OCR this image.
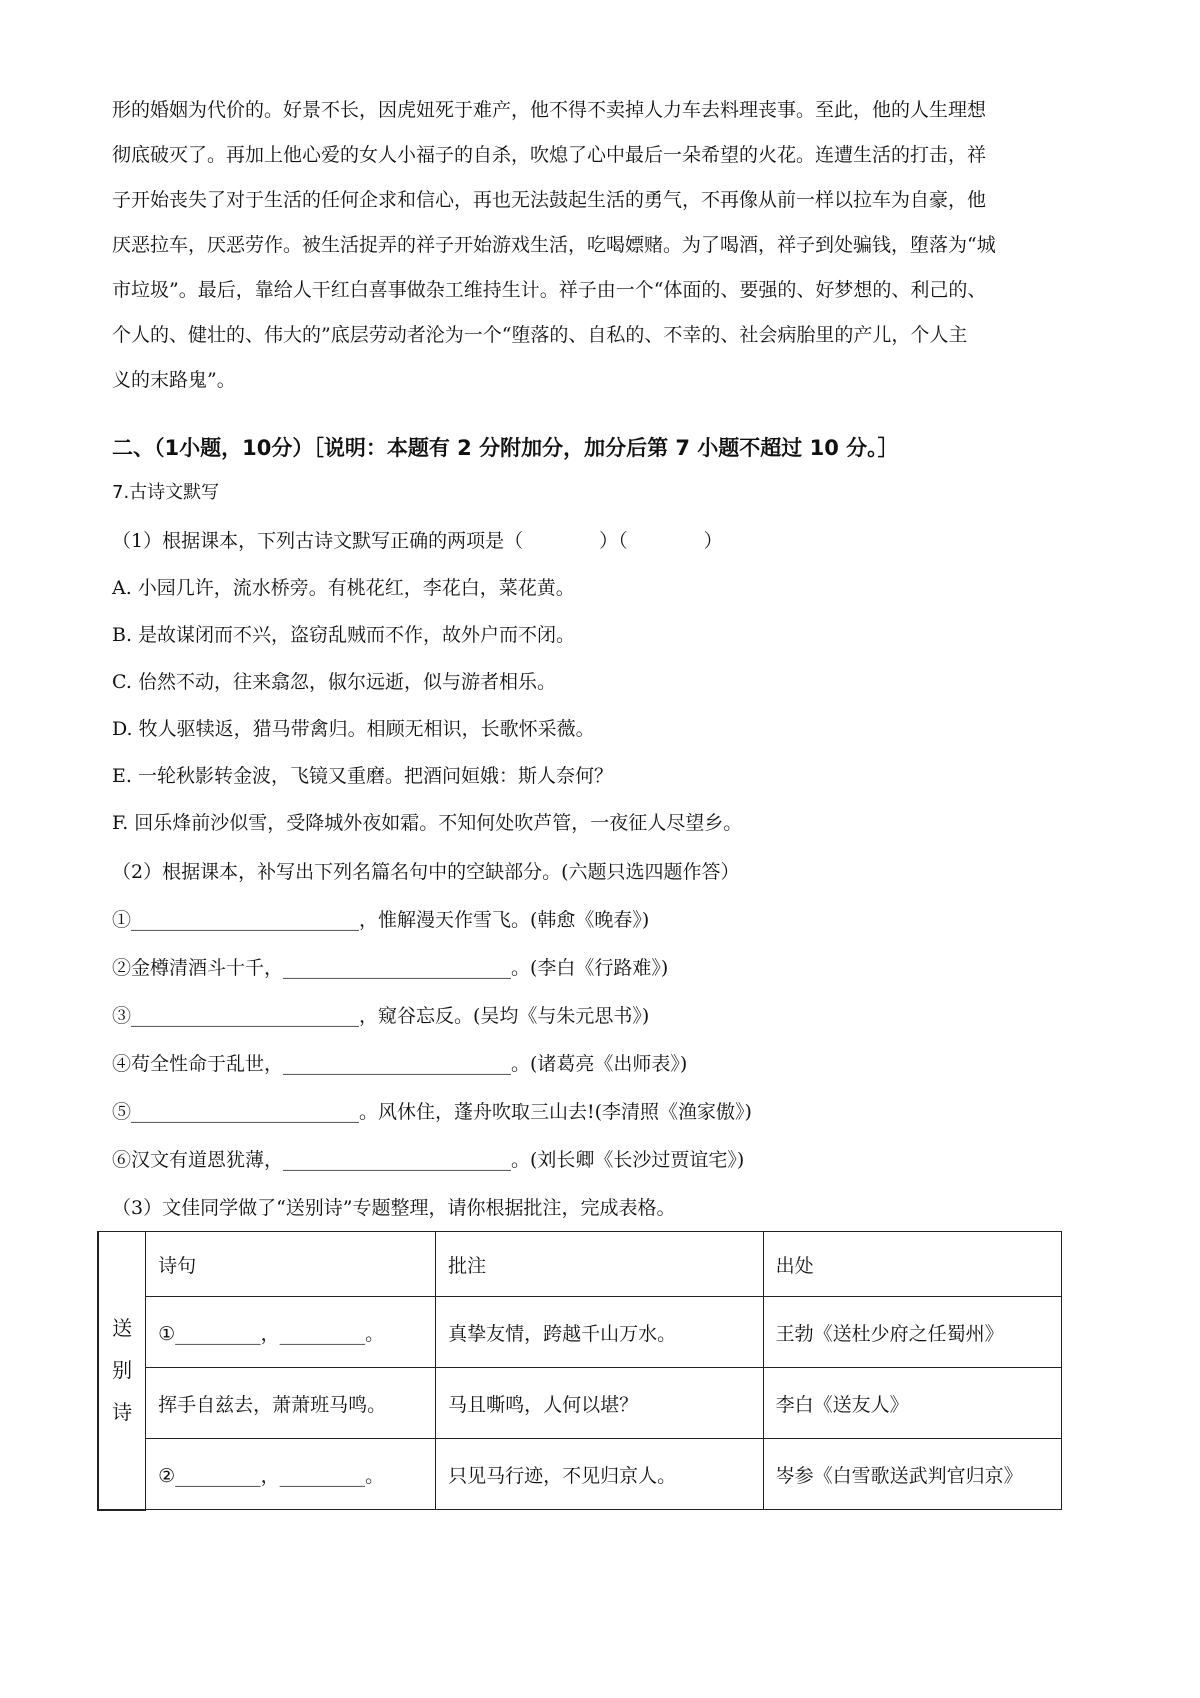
形的婚姻为代价的。好景不长，因虎妞死于难产，他不得不卖掉人力车去料理丧事。至此，他的人生理想
彻底破灭了。再加上他心爱的女人小福子的自杀，吹熄了心中最后一朵希望的火花。连遭生活的打击，祥
子开始丧失了对于生活的任何企求和信心，再也无法鼓起生活的勇气，不再像从前一样以拉车为自豪，他
厌恶拉车，厌恶劳作。被生活捉弄的祥子开始游戏生活，吃喝嫖赌。为了喝酒，祥子到处骗钱，堕落为“城
市垃圾”。最后，靠给人干红白喜事做杂工维持生计。祥子由一个“体面的、要强的、好梦想的、利己的、
个人的、健壮的、伟大的”底层劳动者沦为一个“堕落的、自私的、不幸的、社会病胎里的产儿，个人主
义的末路鬼”。
二、（1小题，10分）［说明：本题有 2 分附加分，加分后第 7 小题不超过 10 分。］
7.古诗文默写
（1）根据课本，下列古诗文默写正确的两项是（　　　　）（　　　　）
A. 小园几许，流水桥旁。有桃花红，李花白，菜花黄。
B. 是故谋闭而不兴，盗窃乱贼而不作，故外户而不闭。
C. 佁然不动，往来翕忽，俶尔远逝，似与游者相乐。
D. 牧人驱犊返，猎马带禽归。相顾无相识，长歌怀采薇。
E. 一轮秋影转金波，飞镜又重磨。把酒问姮娥：斯人奈何？
F. 回乐烽前沙似雪，受降城外夜如霜。不知何处吹芦管，一夜征人尽望乡。
（2）根据课本，补写出下列名篇名句中的空缺部分。(六题只选四题作答）
①________________________，惟解漫天作雪飞。(韩愈《晚春》)
②金樽清酒斗十千，________________________。(李白《行路难》)
③________________________，窥谷忘反。(吴均《与朱元思书》)
④苟全性命于乱世，________________________。(诸葛亮《出师表》)
⑤________________________。风休住，蓬舟吹取三山去!(李清照《渔家傲》)
⑥汉文有道恩犹薄，________________________。(刘长卿《长沙过贾谊宅》)
（3）文佳同学做了“送别诗”专题整理，请你根据批注，完成表格。
送别诗	诗句	批注	出处
	①_________，_________。	真挚友情，跨越千山万水。	王勃《送杜少府之任蜀州》
	挥手自兹去，萧萧班马鸣。	马且嘶鸣，人何以堪？	李白《送友人》
	②_________，_________。	只见马行迹，不见归京人。	岑参《白雪歌送武判官归京》
